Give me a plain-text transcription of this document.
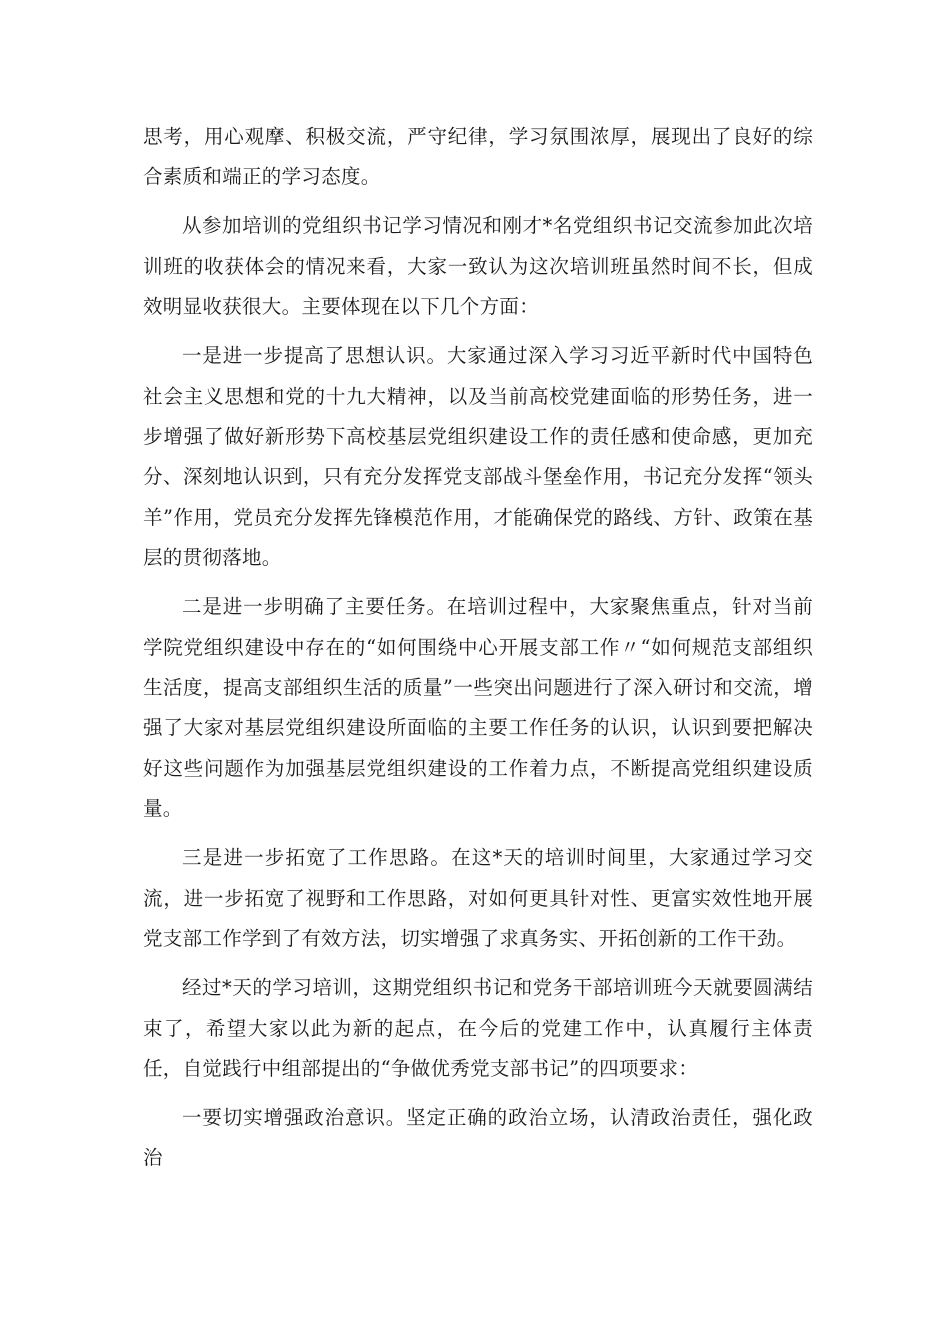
思考，用心观摩、积极交流，严守纪律，学习氛围浓厚，展现出了良好的综合素质和端正的学习态度。

从参加培训的党组织书记学习情况和刚才*名党组织书记交流参加此次培训班的收获体会的情况来看，大家一致认为这次培训班虽然时间不长，但成效明显收获很大。主要体现在以下几个方面：

一是进一步提高了思想认识。大家通过深入学习习近平新时代中国特色社会主义思想和党的十九大精神，以及当前高校党建面临的形势任务，进一步增强了做好新形势下高校基层党组织建设工作的责任感和使命感，更加充分、深刻地认识到，只有充分发挥党支部战斗堡垒作用，书记充分发挥“领头羊”作用，党员充分发挥先锋模范作用，才能确保党的路线、方针、政策在基层的贯彻落地。

二是进一步明确了主要任务。在培训过程中，大家聚焦重点，针对当前学院党组织建设中存在的“如何围绕中心开展支部工作〃“如何规范支部组织生活度，提高支部组织生活的质量”一些突出问题进行了深入研讨和交流，增强了大家对基层党组织建设所面临的主要工作任务的认识，认识到要把解决好这些问题作为加强基层党组织建设的工作着力点，不断提高党组织建设质量。

三是进一步拓宽了工作思路。在这*天的培训时间里，大家通过学习交流，进一步拓宽了视野和工作思路，对如何更具针对性、更富实效性地开展党支部工作学到了有效方法，切实增强了求真务实、开拓创新的工作干劲。

经过*天的学习培训，这期党组织书记和党务干部培训班今天就要圆满结束了，希望大家以此为新的起点，在今后的党建工作中，认真履行主体责任，自觉践行中组部提出的“争做优秀党支部书记”的四项要求：

一要切实增强政治意识。坚定正确的政治立场，认清政治责任，强化政治
